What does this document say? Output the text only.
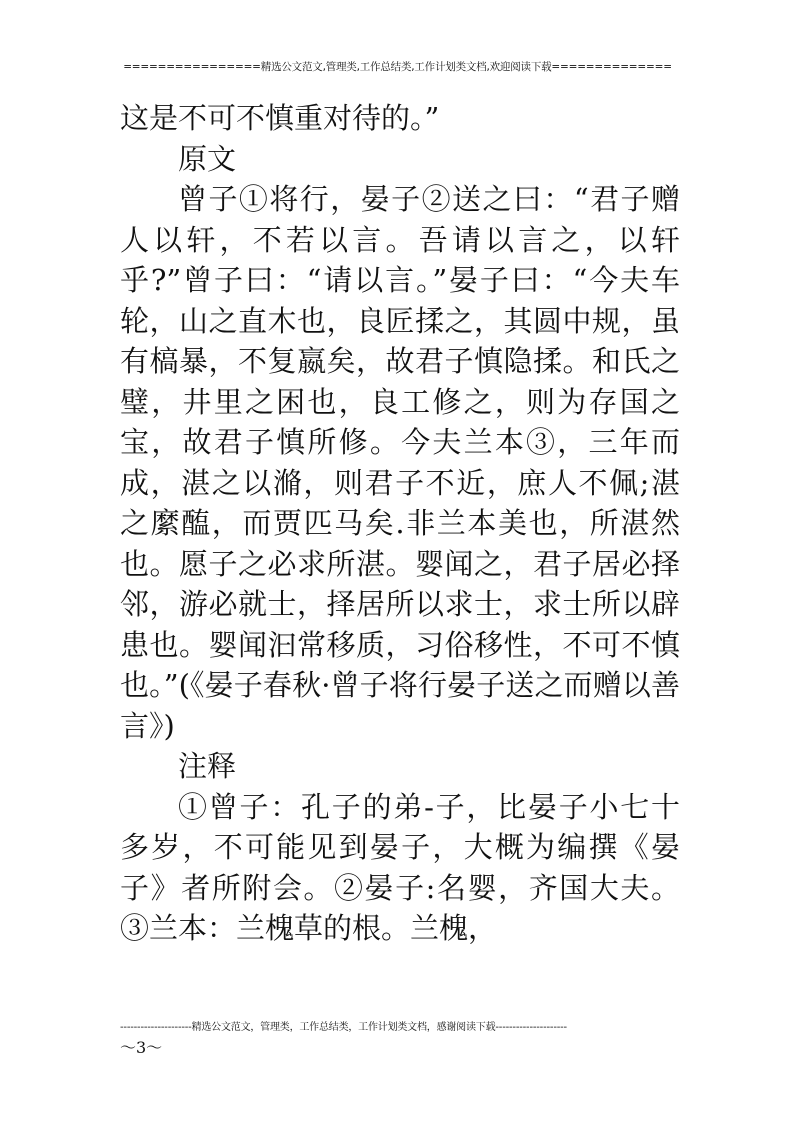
================精选公文范文,管理类,工作总结类,工作计划类文档,欢迎阅读下载==============

这是不可不慎重对待的。”

原文

曾子①将行，晏子②送之曰：“君子赠人以轩，不若以言。吾请以言之，以轩乎?”曾子曰：“请以言。”晏子曰：“今夫车轮，山之直木也，良匠揉之，其圆中规，虽有槁暴，不复嬴矣，故君子慎隐揉。和氏之璧，井里之困也，良工修之，则为存国之宝，故君子慎所修。今夫兰本③，三年而成，湛之以滫，则君子不近，庶人不佩;湛之縻醢，而贾匹马矣.非兰本美也，所湛然也。愿子之必求所湛。婴闻之，君子居必择邻，游必就士，择居所以求士，求士所以辟患也。婴闻汩常移质，习俗移性，不可不慎也。”(《晏子春秋·曾子将行晏子送之而赠以善言》)

注释

①曾子：孔子的弟-子，比晏子小七十多岁，不可能见到晏子，大概为编撰《晏子》者所附会。②晏子:名婴，齐国大夫。③兰本：兰槐草的根。兰槐，

---------------------精选公文范文，管理类，工作总结类，工作计划类文档，感谢阅读下载---------------------
～3～
